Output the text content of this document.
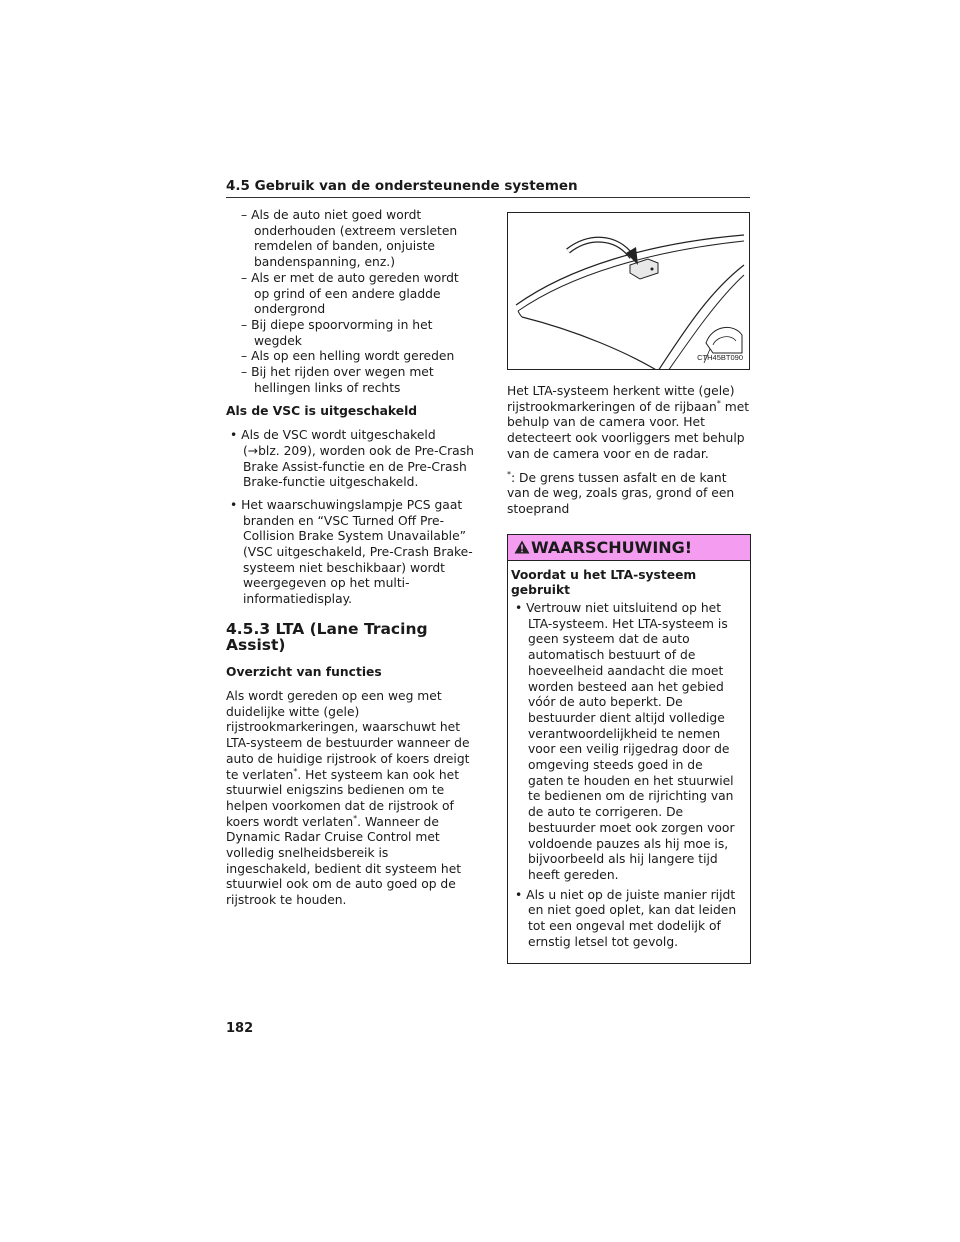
4.5 Gebruik van de ondersteunende systemen

– Als de auto niet goed wordt onderhouden (extreem versleten remdelen of banden, onjuiste bandenspanning, enz.)

– Als er met de auto gereden wordt op grind of een andere gladde ondergrond

– Bij diepe spoorvorming in het wegdek

– Als op een helling wordt gereden

– Bij het rijden over wegen met hellingen links of rechts

Als de VSC is uitgeschakeld

• Als de VSC wordt uitgeschakeld (→blz. 209), worden ook de Pre-Crash Brake Assist-functie en de Pre-Crash Brake-functie uitgeschakeld.

• Het waarschuwingslampje PCS gaat branden en “VSC Turned Off Pre-Collision Brake System Unavailable” (VSC uitgeschakeld, Pre-Crash Brake-systeem niet beschikbaar) wordt weergegeven op het multi-informatiedisplay.

4.5.3 LTA (Lane Tracing Assist)
Overzicht van functies

Als wordt gereden op een weg met duidelijke witte (gele) rijstrookmarkeringen, waarschuwt het LTA-systeem de bestuurder wanneer de auto de huidige rijstrook of koers dreigt te verlaten*. Het systeem kan ook het stuurwiel enigszins bedienen om te helpen voorkomen dat de rijstrook of koers wordt verlaten*. Wanneer de Dynamic Radar Cruise Control met volledig snelheidsbereik is ingeschakeld, bedient dit systeem het stuurwiel ook om de auto goed op de rijstrook te houden.

CTH45BT090

Het LTA-systeem herkent witte (gele) rijstrookmarkeringen of de rijbaan* met behulp van de camera voor. Het detecteert ook voorliggers met behulp van de camera voor en de radar.

*: De grens tussen asfalt en de kant van de weg, zoals gras, grond of een stoeprand

WAARSCHUWING!
Voordat u het LTA-systeem gebruikt

• Vertrouw niet uitsluitend op het LTA-systeem. Het LTA-systeem is geen systeem dat de auto automatisch bestuurt of de hoeveelheid aandacht die moet worden besteed aan het gebied vóór de auto beperkt. De bestuurder dient altijd volledige verantwoordelijkheid te nemen voor een veilig rijgedrag door de omgeving steeds goed in de gaten te houden en het stuurwiel te bedienen om de rijrichting van de auto te corrigeren. De bestuurder moet ook zorgen voor voldoende pauzes als hij moe is, bijvoorbeeld als hij langere tijd heeft gereden.

• Als u niet op de juiste manier rijdt en niet goed oplet, kan dat leiden tot een ongeval met dodelijk of ernstig letsel tot gevolg.

182
